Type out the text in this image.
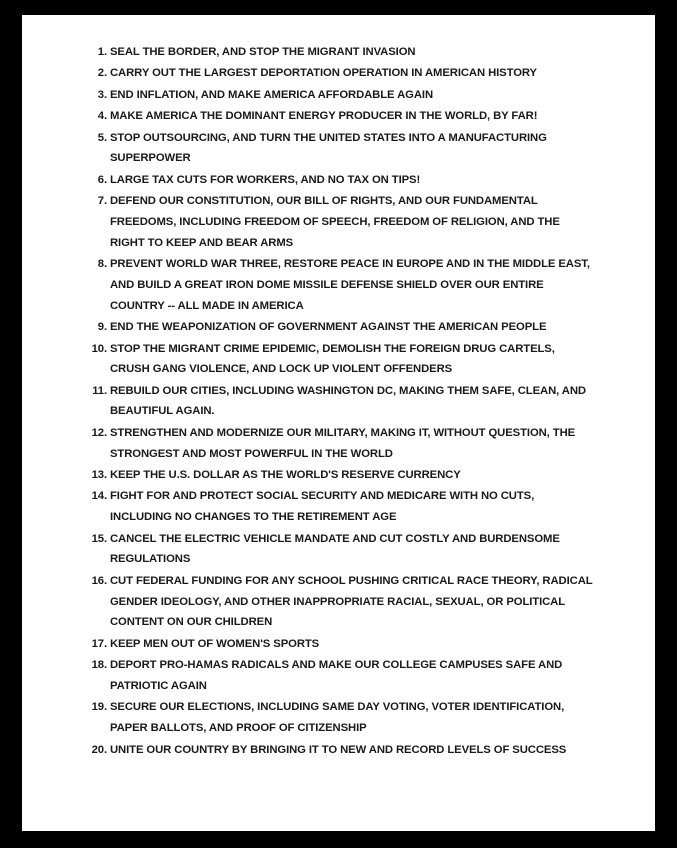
1. SEAL THE BORDER, AND STOP THE MIGRANT INVASION
2. CARRY OUT THE LARGEST DEPORTATION OPERATION IN AMERICAN HISTORY
3. END INFLATION, AND MAKE AMERICA AFFORDABLE AGAIN
4. MAKE AMERICA THE DOMINANT ENERGY PRODUCER IN THE WORLD, BY FAR!
5. STOP OUTSOURCING, AND TURN THE UNITED STATES INTO A MANUFACTURING SUPERPOWER
6. LARGE TAX CUTS FOR WORKERS, AND NO TAX ON TIPS!
7. DEFEND OUR CONSTITUTION, OUR BILL OF RIGHTS, AND OUR FUNDAMENTAL FREEDOMS, INCLUDING FREEDOM OF SPEECH, FREEDOM OF RELIGION, AND THE RIGHT TO KEEP AND BEAR ARMS
8. PREVENT WORLD WAR THREE, RESTORE PEACE IN EUROPE AND IN THE MIDDLE EAST, AND BUILD A GREAT IRON DOME MISSILE DEFENSE SHIELD OVER OUR ENTIRE COUNTRY -- ALL MADE IN AMERICA
9. END THE WEAPONIZATION OF GOVERNMENT AGAINST THE AMERICAN PEOPLE
10. STOP THE MIGRANT CRIME EPIDEMIC, DEMOLISH THE FOREIGN DRUG CARTELS, CRUSH GANG VIOLENCE, AND LOCK UP VIOLENT OFFENDERS
11. REBUILD OUR CITIES, INCLUDING WASHINGTON DC, MAKING THEM SAFE, CLEAN, AND BEAUTIFUL AGAIN.
12. STRENGTHEN AND MODERNIZE OUR MILITARY, MAKING IT, WITHOUT QUESTION, THE STRONGEST AND MOST POWERFUL IN THE WORLD
13. KEEP THE U.S. DOLLAR AS THE WORLD'S RESERVE CURRENCY
14. FIGHT FOR AND PROTECT SOCIAL SECURITY AND MEDICARE WITH NO CUTS, INCLUDING NO CHANGES TO THE RETIREMENT AGE
15. CANCEL THE ELECTRIC VEHICLE MANDATE AND CUT COSTLY AND BURDENSOME REGULATIONS
16. CUT FEDERAL FUNDING FOR ANY SCHOOL PUSHING CRITICAL RACE THEORY, RADICAL GENDER IDEOLOGY, AND OTHER INAPPROPRIATE RACIAL, SEXUAL, OR POLITICAL CONTENT ON OUR CHILDREN
17. KEEP MEN OUT OF WOMEN'S SPORTS
18. DEPORT PRO-HAMAS RADICALS AND MAKE OUR COLLEGE CAMPUSES SAFE AND PATRIOTIC AGAIN
19. SECURE OUR ELECTIONS, INCLUDING SAME DAY VOTING, VOTER IDENTIFICATION, PAPER BALLOTS, AND PROOF OF CITIZENSHIP
20. UNITE OUR COUNTRY BY BRINGING IT TO NEW AND RECORD LEVELS OF SUCCESS
